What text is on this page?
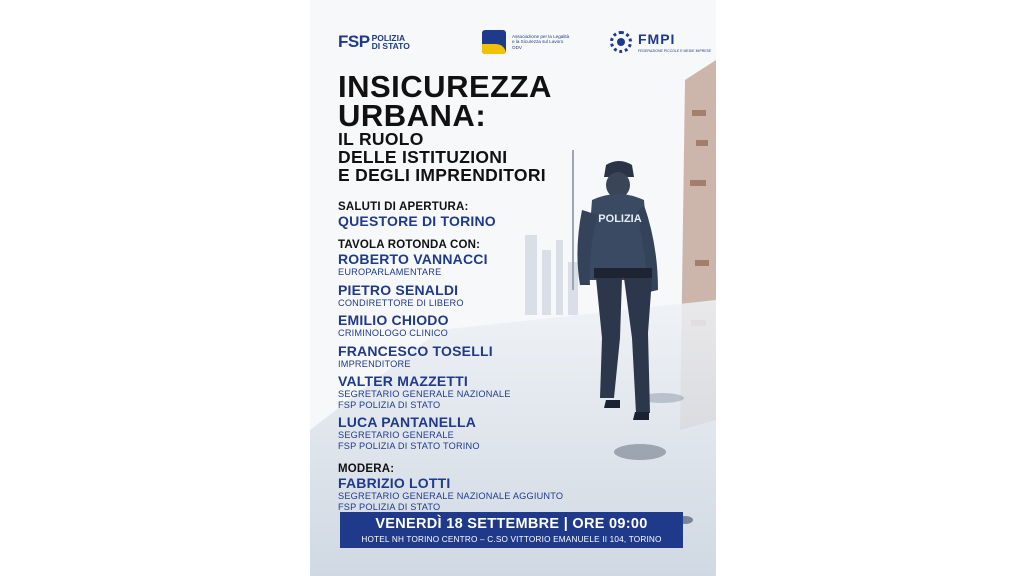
POLIZIA
FSP POLIZIA
DI STATO
Associazione per la Legalità
e la Sicurezza sul Lavoro
ODV
FMPI
FEDERAZIONE PICCOLE E MEDIE IMPRESE
INSICUREZZA
URBANA:
IL RUOLO
DELLE ISTITUZIONI
E DEGLI IMPRENDITORI
SALUTI DI APERTURA:
QUESTORE DI TORINO
TAVOLA ROTONDA CON:
ROBERTO VANNACCI
EUROPARLAMENTARE
PIETRO SENALDI
CONDIRETTORE DI LIBERO
EMILIO CHIODO
CRIMINOLOGO CLINICO
FRANCESCO TOSELLI
IMPRENDITORE
VALTER MAZZETTI
SEGRETARIO GENERALE NAZIONALE
FSP POLIZIA DI STATO
LUCA PANTANELLA
SEGRETARIO GENERALE
FSP POLIZIA DI STATO TORINO
MODERA:
FABRIZIO LOTTI
SEGRETARIO GENERALE NAZIONALE AGGIUNTO
FSP POLIZIA DI STATO
VENERDÌ 18 SETTEMBRE | ORE 09:00
HOTEL NH TORINO CENTRO – C.SO VITTORIO EMANUELE II 104, TORINO
